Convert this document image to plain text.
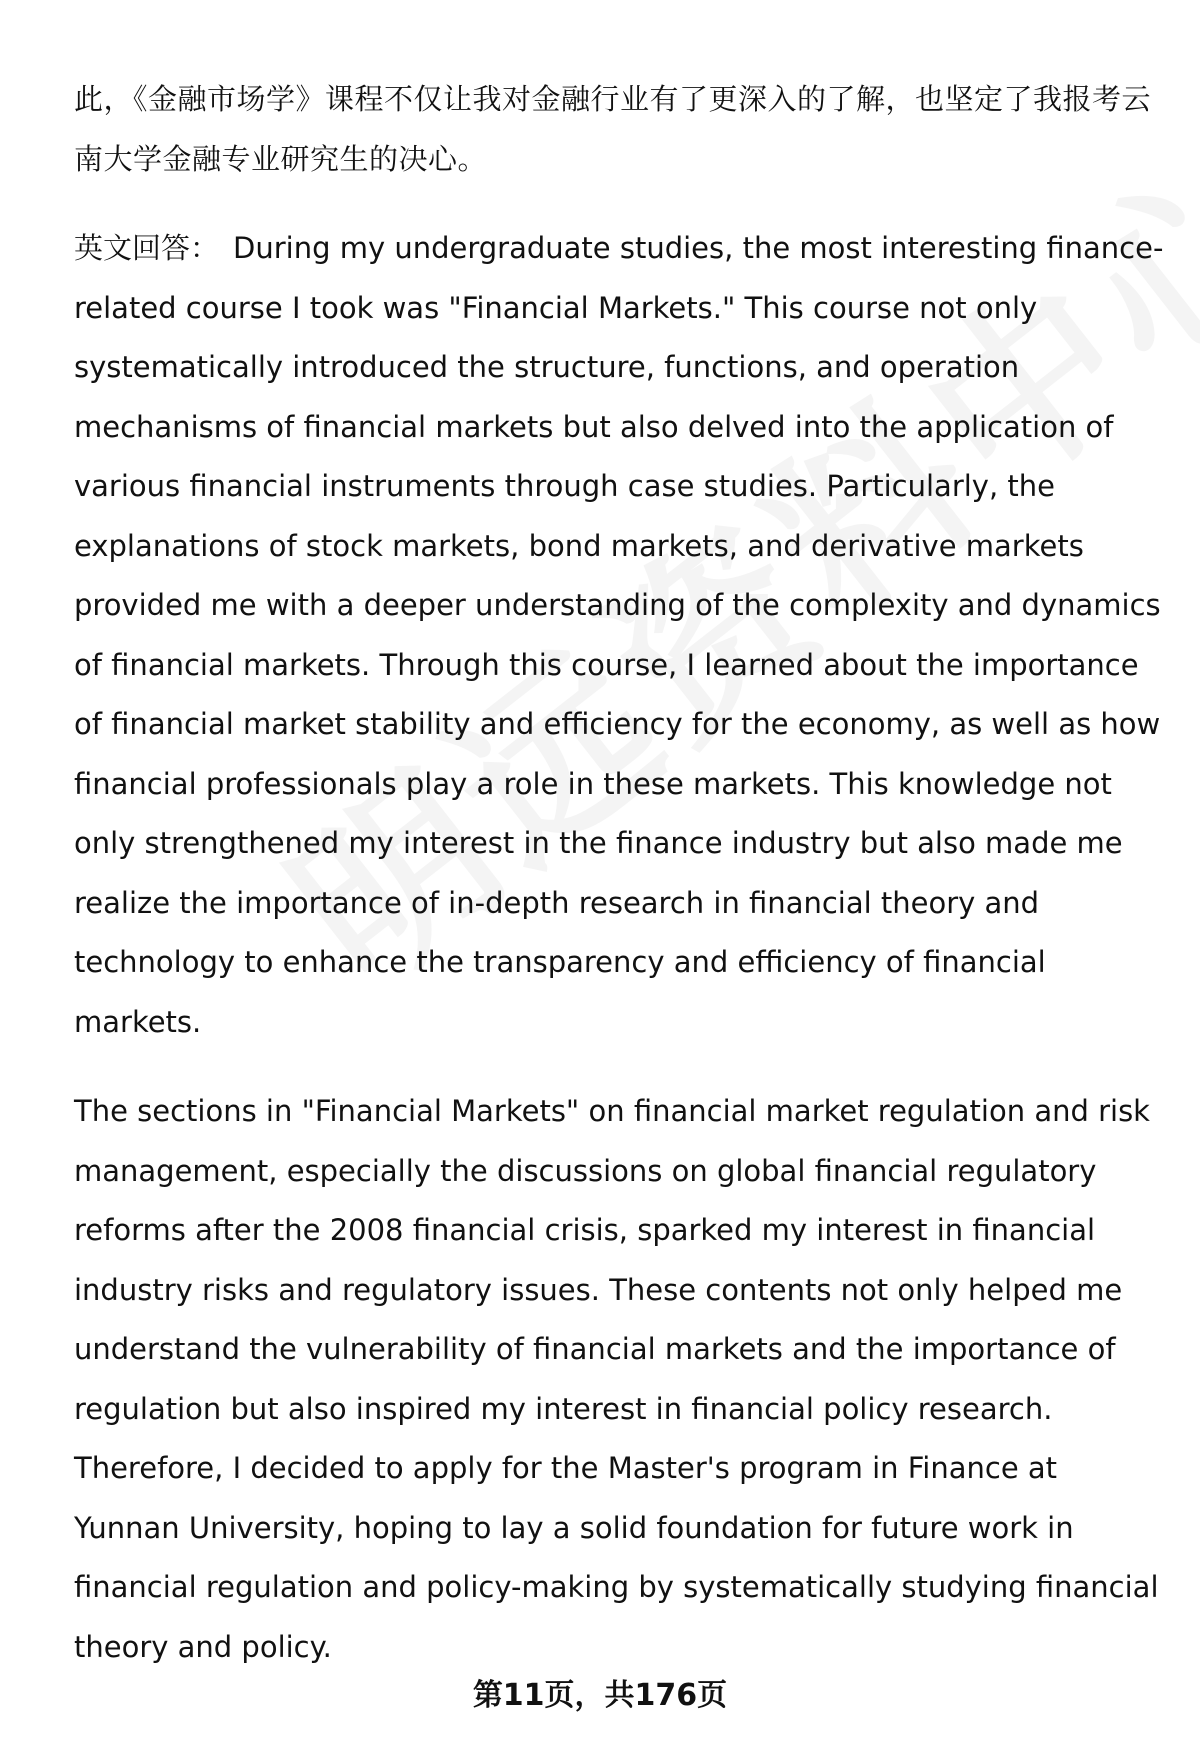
此，《金融市场学》课程不仅让我对金融行业有了更深入的了解，也坚定了我报考云南大学金融专业研究生的决心。

英文回答： During my undergraduate studies, the most interesting finance-related course I took was "Financial Markets." This course not only systematically introduced the structure, functions, and operation mechanisms of financial markets but also delved into the application of various financial instruments through case studies. Particularly, the explanations of stock markets, bond markets, and derivative markets provided me with a deeper understanding of the complexity and dynamics of financial markets. Through this course, I learned about the importance of financial market stability and efficiency for the economy, as well as how financial professionals play a role in these markets. This knowledge not only strengthened my interest in the finance industry but also made me realize the importance of in-depth research in financial theory and technology to enhance the transparency and efficiency of financial markets.

The sections in "Financial Markets" on financial market regulation and risk management, especially the discussions on global financial regulatory reforms after the 2008 financial crisis, sparked my interest in financial industry risks and regulatory issues. These contents not only helped me understand the vulnerability of financial markets and the importance of regulation but also inspired my interest in financial policy research. Therefore, I decided to apply for the Master's program in Finance at Yunnan University, hoping to lay a solid foundation for future work in financial regulation and policy-making by systematically studying financial theory and policy.

第11页，共176页
